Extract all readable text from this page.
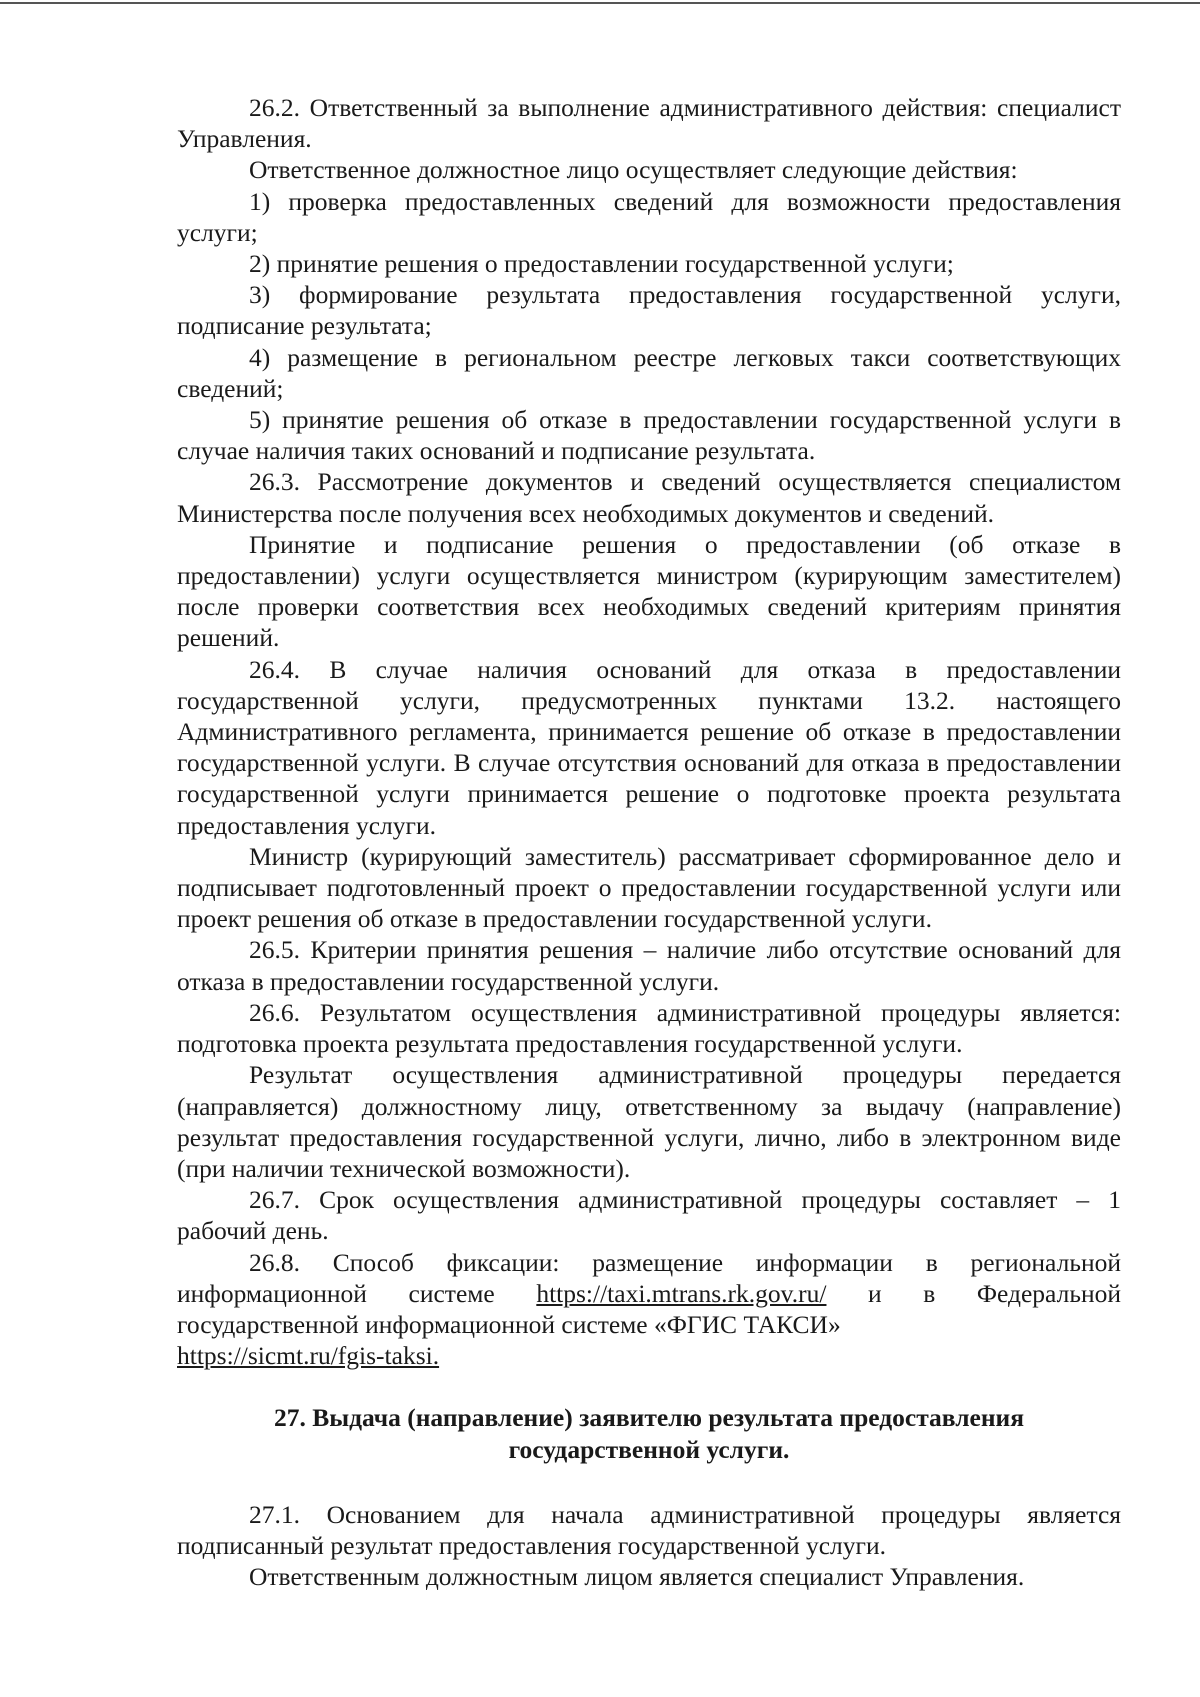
26.2. Ответственный за выполнение административного действия: специалист Управления.

Ответственное должностное лицо осуществляет следующие действия:

1) проверка предоставленных сведений для возможности предоставления услуги;

2) принятие решения о предоставлении государственной услуги;

3) формирование результата предоставления государственной услуги, подписание результата;

4) размещение в региональном реестре легковых такси соответствующих сведений;

5) принятие решения об отказе в предоставлении государственной услуги в случае наличия таких оснований и подписание результата.

26.3. Рассмотрение документов и сведений осуществляется специалистом Министерства после получения всех необходимых документов и сведений.

Принятие и подписание решения о предоставлении (об отказе в предоставлении) услуги осуществляется министром (курирующим заместителем) после проверки соответствия всех необходимых сведений критериям принятия решений.

26.4. В случае наличия оснований для отказа в предоставлении государственной услуги, предусмотренных пунктами 13.2. настоящего Административного регламента, принимается решение об отказе в предоставлении государственной услуги. В случае отсутствия оснований для отказа в предоставлении государственной услуги принимается решение о подготовке проекта результата предоставления услуги.

Министр (курирующий заместитель) рассматривает сформированное дело и подписывает подготовленный проект о предоставлении государственной услуги или проект решения об отказе в предоставлении государственной услуги.

26.5. Критерии принятия решения – наличие либо отсутствие оснований для отказа в предоставлении государственной услуги.

26.6. Результатом осуществления административной процедуры является: подготовка проекта результата предоставления государственной услуги.

Результат осуществления административной процедуры передается (направляется) должностному лицу, ответственному за выдачу (направление) результат предоставления государственной услуги, лично, либо в электронном виде (при наличии технической возможности).

26.7. Срок осуществления административной процедуры составляет – 1 рабочий день.

26.8. Способ фиксации: размещение информации в региональной информационной системе https://taxi.mtrans.rk.gov.ru/ и в Федеральной государственной информационной системе «ФГИС ТАКСИ»
https://sicmt.ru/fgis-taksi.

27. Выдача (направление) заявителю результата предоставления государственной услуги.

27.1. Основанием для начала административной процедуры является подписанный результат предоставления государственной услуги.

Ответственным должностным лицом является специалист Управления.
